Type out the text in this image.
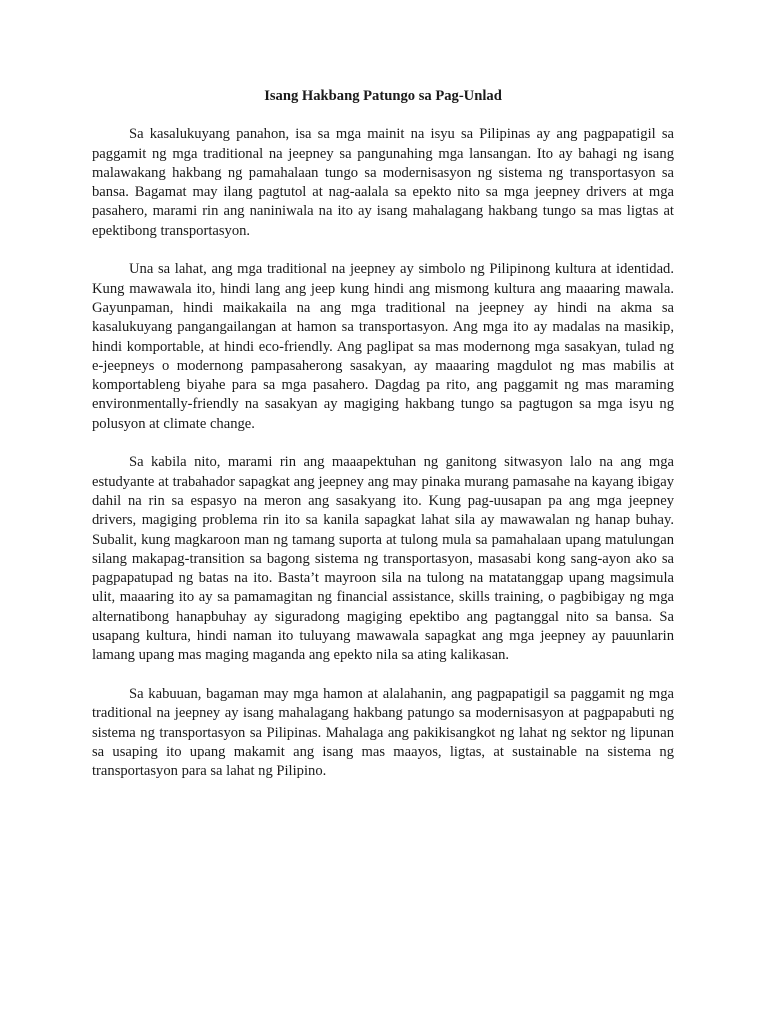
Isang Hakbang Patungo sa Pag-Unlad

Sa kasalukuyang panahon, isa sa mga mainit na isyu sa Pilipinas ay ang pagpapatigil sa paggamit ng mga traditional na jeepney sa pangunahing mga lansangan. Ito ay bahagi ng isang malawakang hakbang ng pamahalaan tungo sa modernisasyon ng sistema ng transportasyon sa bansa. Bagamat may ilang pagtutol at nag-aalala sa epekto nito sa mga jeepney drivers at mga pasahero, marami rin ang naniniwala na ito ay isang mahalagang hakbang tungo sa mas ligtas at epektibong transportasyon.

Una sa lahat, ang mga traditional na jeepney ay simbolo ng Pilipinong kultura at identidad. Kung mawawala ito, hindi lang ang jeep kung hindi ang mismong kultura ang maaaring mawala. Gayunpaman, hindi maikakaila na ang mga traditional na jeepney ay hindi na akma sa kasalukuyang pangangailangan at hamon sa transportasyon. Ang mga ito ay madalas na masikip, hindi komportable, at hindi eco-friendly. Ang paglipat sa mas modernong mga sasakyan, tulad ng e-jeepneys o modernong pampasaherong sasakyan, ay maaaring magdulot ng mas mabilis at komportableng biyahe para sa mga pasahero. Dagdag pa rito, ang paggamit ng mas maraming environmentally-friendly na sasakyan ay magiging hakbang tungo sa pagtugon sa mga isyu ng polusyon at climate change.

Sa kabila nito, marami rin ang maaapektuhan ng ganitong sitwasyon lalo na ang mga estudyante at trabahador sapagkat ang jeepney ang may pinaka murang pamasahe na kayang ibigay dahil na rin sa espasyo na meron ang sasakyang ito. Kung pag-uusapan pa ang mga jeepney drivers, magiging problema rin ito sa kanila sapagkat lahat sila ay mawawalan ng hanap buhay. Subalit, kung magkaroon man ng tamang suporta at tulong mula sa pamahalaan upang matulungan silang makapag-transition sa bagong sistema ng transportasyon, masasabi kong sang-ayon ako sa pagpapatupad ng batas na ito. Basta’t mayroon sila na tulong na matatanggap upang magsimula ulit, maaaring ito ay sa pamamagitan ng financial assistance, skills training, o pagbibigay ng mga alternatibong hanapbuhay ay siguradong magiging epektibo ang pagtanggal nito sa bansa. Sa usapang kultura, hindi naman ito tuluyang mawawala sapagkat ang mga jeepney ay pauunlarin lamang upang mas maging maganda ang epekto nila sa ating kalikasan.

Sa kabuuan, bagaman may mga hamon at alalahanin, ang pagpapatigil sa paggamit ng mga traditional na jeepney ay isang mahalagang hakbang patungo sa modernisasyon at pagpapabuti ng sistema ng transportasyon sa Pilipinas. Mahalaga ang pakikisangkot ng lahat ng sektor ng lipunan sa usaping ito upang makamit ang isang mas maayos, ligtas, at sustainable na sistema ng transportasyon para sa lahat ng Pilipino.
